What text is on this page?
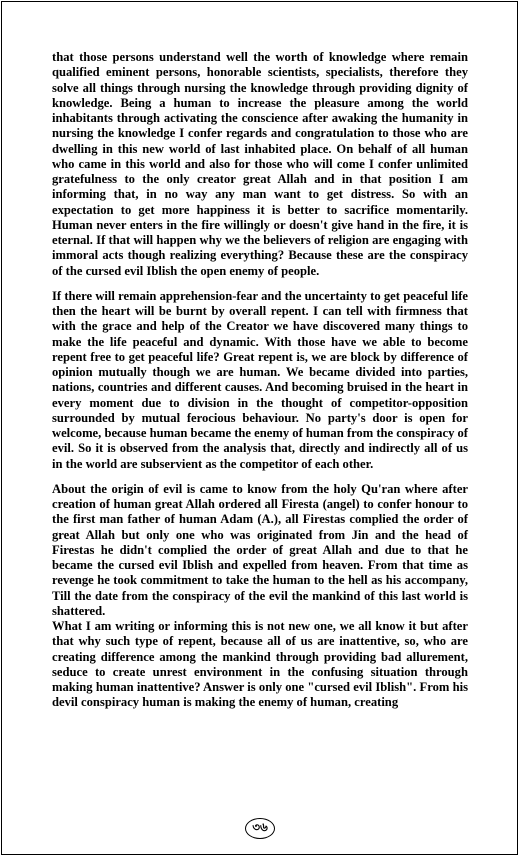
that those persons understand well the worth of knowledge where remain qualified eminent persons, honorable scientists, specialists, therefore they solve all things through nursing the knowledge through providing dignity of knowledge. Being a human to increase the pleasure among the world inhabitants through activating the conscience after awaking the humanity in nursing the knowledge I confer regards and congratulation to those who are dwelling in this new world of last inhabited place. On behalf of all human who came in this world and also for those who will come I confer unlimited gratefulness to the only creator great Allah and in that position I am informing that, in no way any man want to get distress. So with an expectation to get more happiness it is better to sacrifice momentarily. Human never enters in the fire willingly or doesn't give hand in the fire, it is eternal. If that will happen why we the believers of religion are engaging with immoral acts though realizing everything? Because these are the conspiracy of the cursed evil Iblish the open enemy of people.

If there will remain apprehension-fear and the uncertainty to get peaceful life then the heart will be burnt by overall repent. I can tell with firmness that with the grace and help of the Creator we have discovered many things to make the life peaceful and dynamic. With those have we able to become repent free to get peaceful life? Great repent is, we are block by difference of opinion mutually though we are human. We became divided into parties, nations, countries and different causes. And becoming bruised in the heart in every moment due to division in the thought of competitor-opposition surrounded by mutual ferocious behaviour. No party's door is open for welcome, because human became the enemy of human from the conspiracy of evil. So it is observed from the analysis that, directly and indirectly all of us in the world are subservient as the competitor of each other.

About the origin of evil is came to know from the holy Qu'ran where after creation of human great Allah ordered all Firesta (angel) to confer honour to the first man father of human Adam (A.), all Firestas complied the order of great Allah but only one who was originated from Jin and the head of Firestas he didn't complied the order of great Allah and due to that he became the cursed evil Iblish and expelled from heaven. From that time as revenge he took commitment to take the human to the hell as his accompany, Till the date from the conspiracy of the evil the mankind of this last world is shattered.

What I am writing or informing this is not new one, we all know it but after that why such type of repent, because all of us are inattentive, so, who are creating difference among the mankind through providing bad allurement, seduce to create unrest environment in the confusing situation through making human inattentive? Answer is only one "cursed evil Iblish". From his devil conspiracy human is making the enemy of human, creating

৩৬
